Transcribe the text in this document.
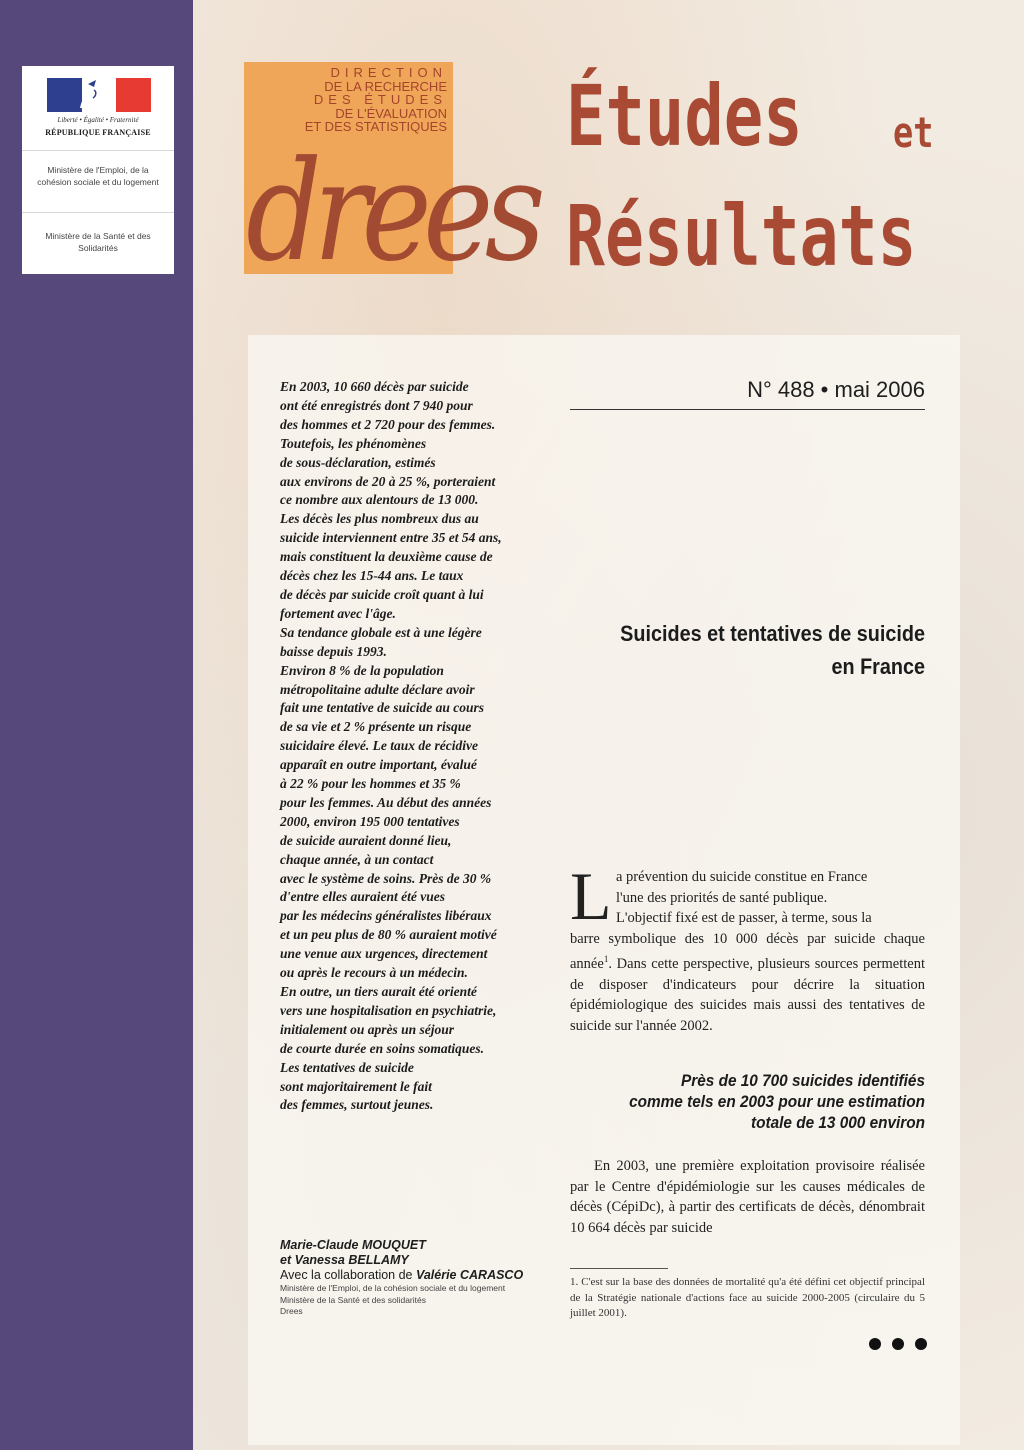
Liberté • Égalité • Fraternité
RÉPUBLIQUE FRANÇAISE
Ministère de l'Emploi, de la cohésion sociale et du logement
Ministère de la Santé et des Solidarités
DIRECTION
DE LA RECHERCHE
DES ÉTUDES
DE L'ÉVALUATION
ET DES STATISTIQUES
drees
Études et
Résultats
N° 488 • mai 2006
En 2003, 10 660 décès par suicide
ont été enregistrés dont 7 940 pour
des hommes et 2 720 pour des femmes.
Toutefois, les phénomènes
de sous-déclaration, estimés
aux environs de 20 à 25 %, porteraient
ce nombre aux alentours de 13 000.
Les décès les plus nombreux dus au
suicide interviennent entre 35 et 54 ans,
mais constituent la deuxième cause de
décès chez les 15-44 ans. Le taux
de décès par suicide croît quant à lui
fortement avec l'âge.
Sa tendance globale est à une légère
baisse depuis 1993.
Environ 8 % de la population
métropolitaine adulte déclare avoir
fait une tentative de suicide au cours
de sa vie et 2 % présente un risque
suicidaire élevé. Le taux de récidive
apparaît en outre important, évalué
à 22 % pour les hommes et 35 %
pour les femmes. Au début des années
2000, environ 195 000 tentatives
de suicide auraient donné lieu,
chaque année, à un contact
avec le système de soins. Près de 30 %
d'entre elles auraient été vues
par les médecins généralistes libéraux
et un peu plus de 80 % auraient motivé
une venue aux urgences, directement
ou après le recours à un médecin.
En outre, un tiers aurait été orienté
vers une hospitalisation en psychiatrie,
initialement ou après un séjour
de courte durée en soins somatiques.
Les tentatives de suicide
sont majoritairement le fait
des femmes, surtout jeunes.
Suicides et tentatives de suicide
en France
L a prévention du suicide constitue en France
l'une des priorités de santé publique.
L'objectif fixé est de passer, à terme, sous la
barre symbolique des 10 000 décès par suicide chaque année$^1$. Dans cette perspective, plusieurs sources permettent de disposer d'indicateurs pour décrire la situation épidémiologique des suicides mais aussi des tentatives de suicide sur l'année 2002.
Près de 10 700 suicides identifiés
comme tels en 2003 pour une estimation
totale de 13 000 environ
En 2003, une première exploitation provisoire réalisée par le Centre d'épidémiologie sur les causes médicales de décès (CépiDc), à partir des certificats de décès, dénombrait 10 664 décès par suicide
1. C'est sur la base des données de mortalité qu'a été défini cet objectif principal de la Stratégie nationale d'actions face au suicide 2000-2005 (circulaire du 5 juillet 2001).
Marie-Claude MOUQUET
et Vanessa BELLAMY
Avec la collaboration de Valérie CARASCO
Ministère de l'Emploi, de la cohésion sociale et du logement
Ministère de la Santé et des solidarités
Drees
